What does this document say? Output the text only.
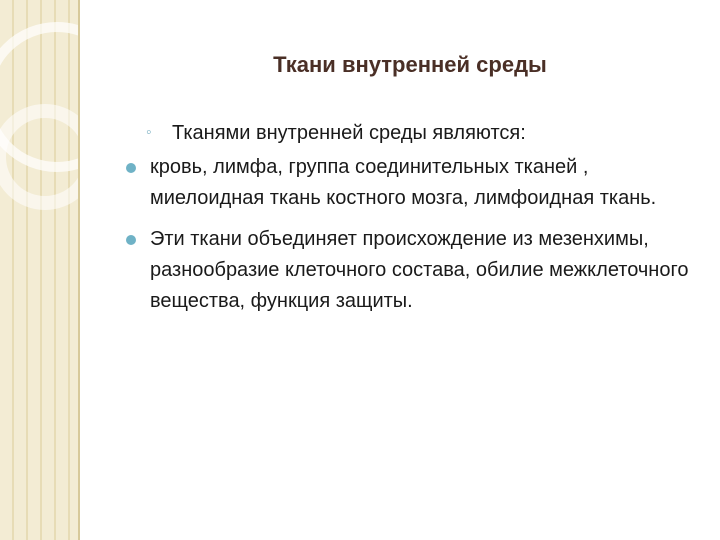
Ткани внутренней среды
◦ Тканями внутренней среды являются:
кровь, лимфа, группа соединительных тканей , миелоидная ткань костного мозга, лимфоидная ткань.
Эти ткани объединяет происхождение из мезенхимы, разнообразие клеточного состава, обилие межклеточного вещества, функция защиты.
